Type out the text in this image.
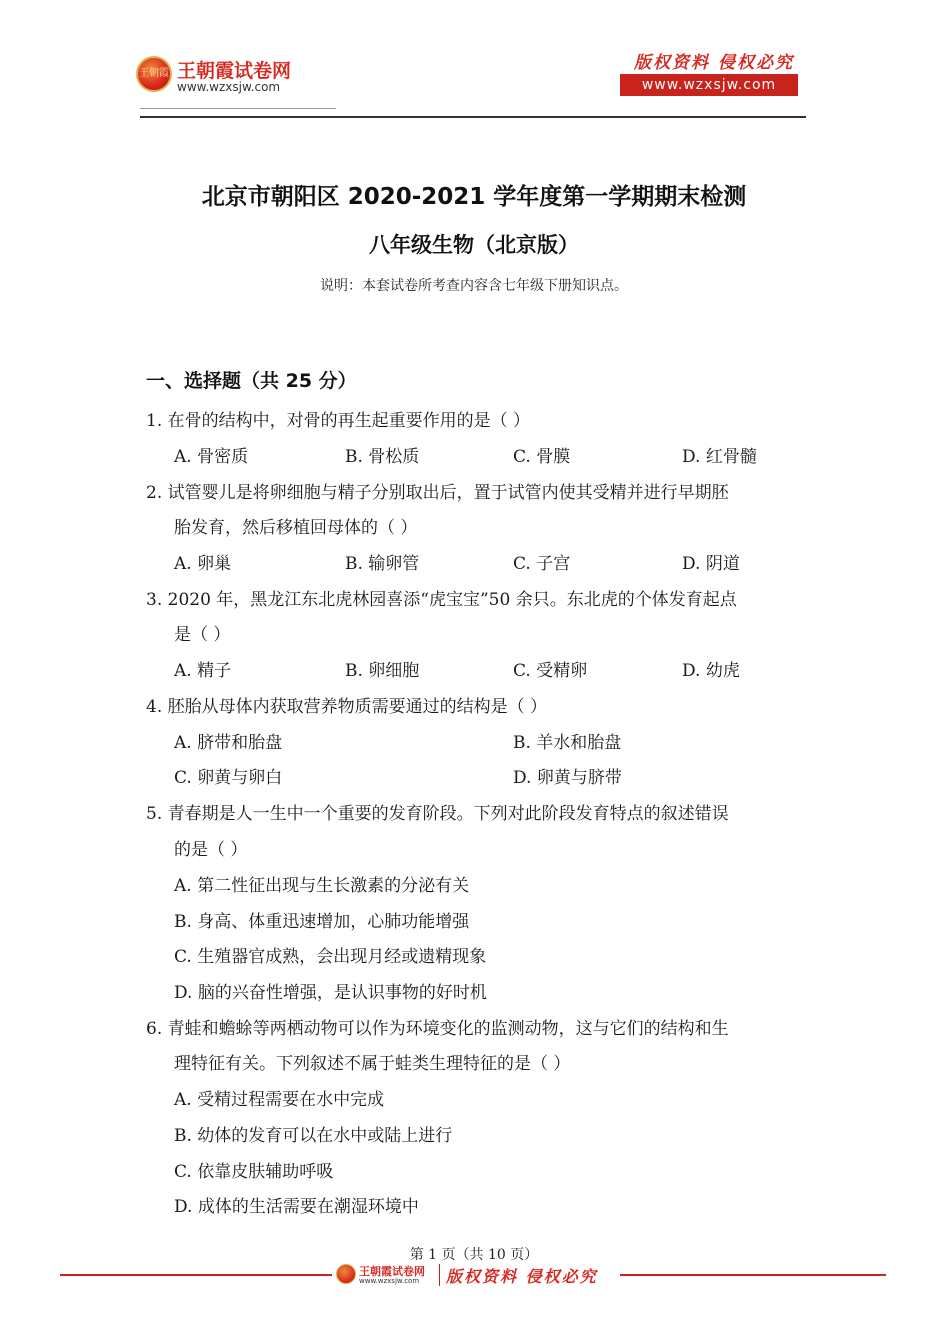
王朝霞 王朝霞试卷网
www.wzxsjw.com
版权资料 侵权必究
www.wzxsjw.com
北京市朝阳区 2020-2021 学年度第一学期期末检测
八年级生物（北京版）
说明：本套试卷所考查内容含七年级下册知识点。
一、选择题（共 25 分）
1. 在骨的结构中，对骨的再生起重要作用的是（ ）
A. 骨密质	B. 骨松质	C. 骨膜	D. 红骨髓
2. 试管婴儿是将卵细胞与精子分别取出后，置于试管内使其受精并进行早期胚
胎发育，然后移植回母体的（ ）
A. 卵巢	B. 输卵管	C. 子宫	D. 阴道
3. 2020 年，黑龙江东北虎林园喜添“虎宝宝”50 余只。东北虎的个体发育起点
是（ ）
A. 精子	B. 卵细胞	C. 受精卵	D. 幼虎
4. 胚胎从母体内获取营养物质需要通过的结构是（ ）
A. 脐带和胎盘	B. 羊水和胎盘
C. 卵黄与卵白	D. 卵黄与脐带
5. 青春期是人一生中一个重要的发育阶段。下列对此阶段发育特点的叙述错误
的是（ ）
A. 第二性征出现与生长激素的分泌有关
B. 身高、体重迅速增加，心肺功能增强
C. 生殖器官成熟，会出现月经或遗精现象
D. 脑的兴奋性增强，是认识事物的好时机
6. 青蛙和蟾蜍等两栖动物可以作为环境变化的监测动物，这与它们的结构和生
理特征有关。下列叙述不属于蛙类生理特征的是（ ）
A. 受精过程需要在水中完成
B. 幼体的发育可以在水中或陆上进行
C. 依靠皮肤辅助呼吸
D. 成体的生活需要在潮湿环境中
第 1 页（共 10 页）
王朝霞试卷网
www.wzxsjw.com 版权资料 侵权必究
